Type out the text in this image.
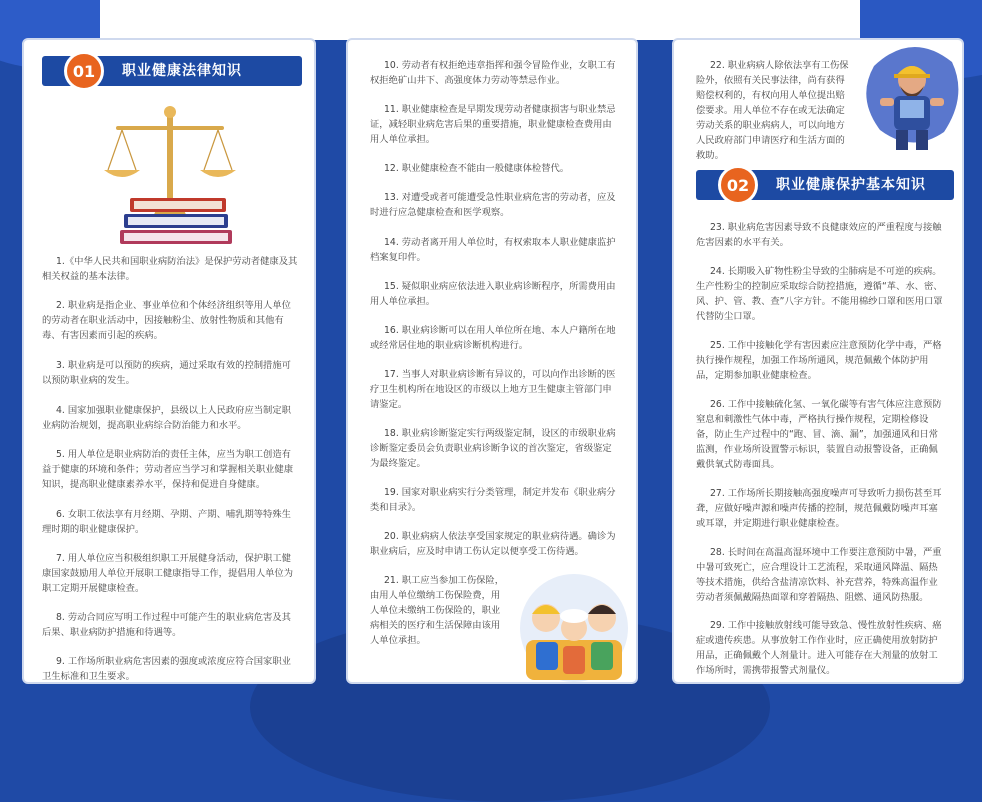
01	职业健康法律知识

1.《中华人民共和国职业病防治法》是保护劳动者健康及其相关权益的基本法律。

2. 职业病是指企业、事业单位和个体经济组织等用人单位的劳动者在职业活动中，因接触粉尘、放射性物质和其他有毒、有害因素而引起的疾病。

3. 职业病是可以预防的疾病，通过采取有效的控制措施可以预防职业病的发生。

4. 国家加强职业健康保护，县级以上人民政府应当制定职业病防治规划，提高职业病综合防治能力和水平。

5. 用人单位是职业病防治的责任主体，应当为职工创造有益于健康的环境和条件；劳动者应当学习和掌握相关职业健康知识，提高职业健康素养水平，保持和促进自身健康。

6. 女职工依法享有月经期、孕期、产期、哺乳期等特殊生理时期的职业健康保护。

7. 用人单位应当积极组织职工开展健身活动，保护职工健康国家鼓励用人单位开展职工健康指导工作，提倡用人单位为职工定期开展健康检查。

8. 劳动合同应写明工作过程中可能产生的职业病危害及其后果、职业病防护措施和待遇等。

9. 工作场所职业病危害因素的强度或浓度应符合国家职业卫生标准和卫生要求。

10. 劳动者有权拒绝违章指挥和强令冒险作业，女职工有权拒绝矿山井下、高强度体力劳动等禁忌作业。

11. 职业健康检查是早期发现劳动者健康损害与职业禁忌证，减轻职业病危害后果的重要措施，职业健康检查费用由用人单位承担。

12. 职业健康检查不能由一般健康体检替代。

13. 对遭受或者可能遭受急性职业病危害的劳动者，应及时进行应急健康检查和医学观察。

14. 劳动者离开用人单位时，有权索取本人职业健康监护档案复印件。

15. 疑似职业病应依法进入职业病诊断程序，所需费用由用人单位承担。

16. 职业病诊断可以在用人单位所在地、本人户籍所在地或经常居住地的职业病诊断机构进行。

17. 当事人对职业病诊断有异议的，可以向作出诊断的医疗卫生机构所在地设区的市级以上地方卫生健康主管部门申请鉴定。

18. 职业病诊断鉴定实行两级鉴定制，设区的市级职业病诊断鉴定委员会负责职业病诊断争议的首次鉴定，省级鉴定为最终鉴定。

19. 国家对职业病实行分类管理，制定并发布《职业病分类和目录》。

20. 职业病病人依法享受国家规定的职业病待遇。确诊为职业病后，应及时申请工伤认定以便享受工伤待遇。

21. 职工应当参加工伤保险，由用人单位缴纳工伤保险费，用人单位未缴纳工伤保险的，职业病相关的医疗和生活保障由该用人单位承担。

22. 职业病病人除依法享有工伤保险外，依照有关民事法律，尚有获得赔偿权利的，有权向用人单位提出赔偿要求。用人单位不存在或无法确定劳动关系的职业病病人，可以向地方人民政府部门申请医疗和生活方面的救助。

02	职业健康保护基本知识

23. 职业病危害因素导致不良健康效应的严重程度与接触危害因素的水平有关。

24. 长期吸入矿物性粉尘导致的尘肺病是不可逆的疾病。生产性粉尘的控制应采取综合防控措施，遵循“革、水、密、风、护、管、教、查”八字方针。不能用棉纱口罩和医用口罩代替防尘口罩。

25. 工作中接触化学有害因素应注意预防化学中毒，严格执行操作规程，加强工作场所通风，规范佩戴个体防护用品，定期参加职业健康检查。

26. 工作中接触硫化氢、一氧化碳等有害气体应注意预防窒息和刺激性气体中毒，严格执行操作规程，定期检修设备，防止生产过程中的“跑、冒、滴、漏”，加强通风和日常监测，作业场所设置警示标识，装置自动报警设备，正确佩戴供氧式防毒面具。

27. 工作场所长期接触高强度噪声可导致听力损伤甚至耳聋，应做好噪声源和噪声传播的控制，规范佩戴防噪声耳塞或耳罩，并定期进行职业健康检查。

28. 长时间在高温高湿环境中工作要注意预防中暑，严重中暑可致死亡，应合理设计工艺流程，采取通风降温、隔热等技术措施，供给含盐清凉饮料、补充营养，特殊高温作业劳动者须佩戴隔热面罩和穿着隔热、阻燃、通风防热服。

29. 工作中接触放射线可能导致急、慢性放射性疾病、癌症或遗传疾患。从事放射工作作业时，应正确使用放射防护用品，正确佩戴个人剂量计。进入可能存在大剂量的放射工作场所时，需携带报警式剂量仪。
